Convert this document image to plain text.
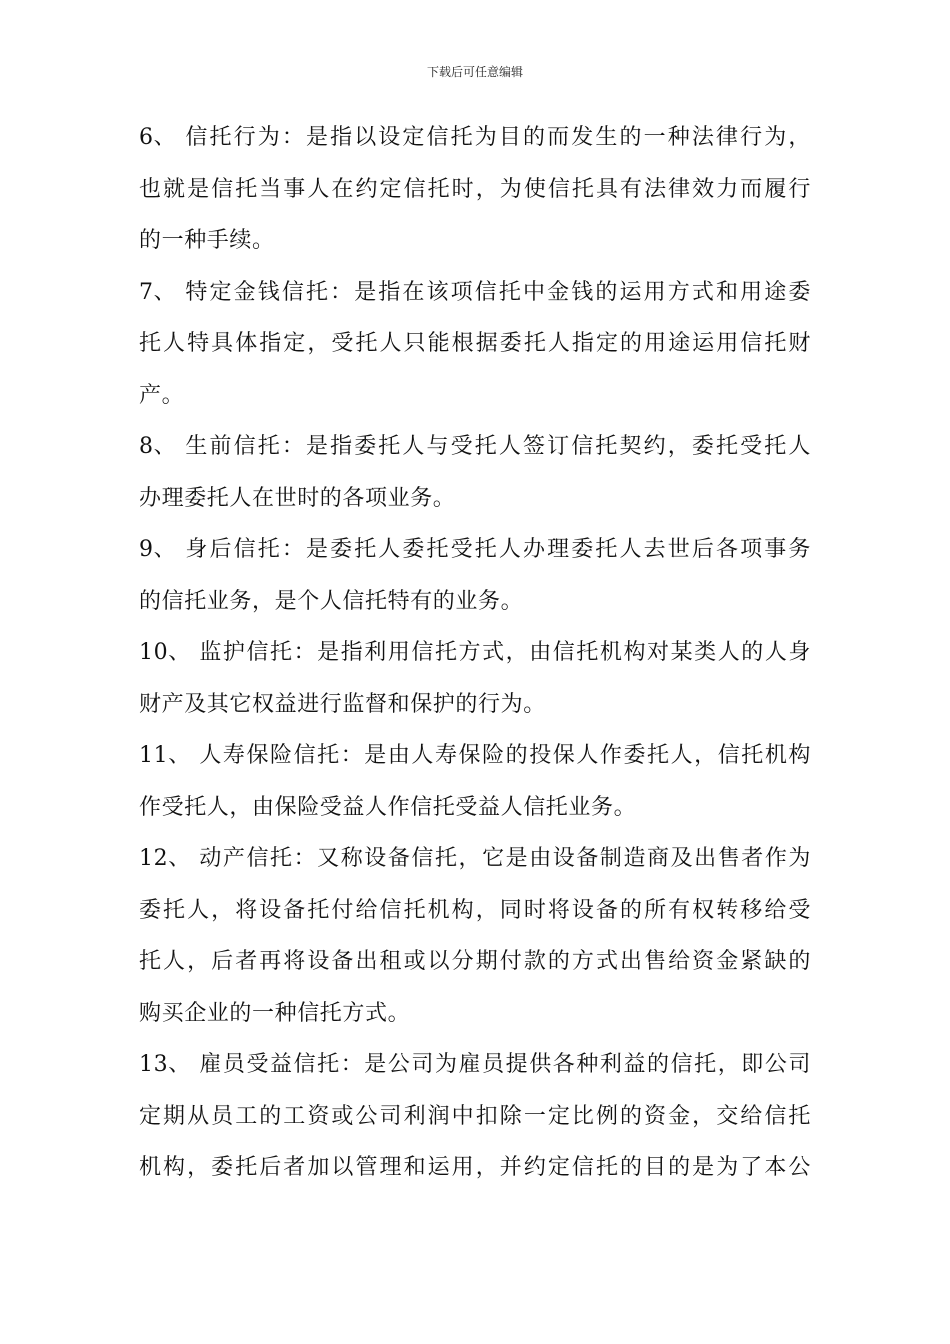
下载后可任意编辑
6、 信托行为：是指以设定信托为目的而发生的一种法律行为，
也就是信托当事人在约定信托时，为使信托具有法律效力而履行
的一种手续。
7、 特定金钱信托：是指在该项信托中金钱的运用方式和用途委
托人特具体指定，受托人只能根据委托人指定的用途运用信托财
产。
8、 生前信托：是指委托人与受托人签订信托契约，委托受托人
办理委托人在世时的各项业务。
9、 身后信托：是委托人委托受托人办理委托人去世后各项事务
的信托业务，是个人信托特有的业务。
10、 监护信托：是指利用信托方式，由信托机构对某类人的人身
财产及其它权益进行监督和保护的行为。
11、 人寿保险信托：是由人寿保险的投保人作委托人，信托机构
作受托人，由保险受益人作信托受益人信托业务。
12、 动产信托：又称设备信托，它是由设备制造商及出售者作为
委托人，将设备托付给信托机构，同时将设备的所有权转移给受
托人，后者再将设备出租或以分期付款的方式出售给资金紧缺的
购买企业的一种信托方式。
13、 雇员受益信托：是公司为雇员提供各种利益的信托，即公司
定期从员工的工资或公司利润中扣除一定比例的资金，交给信托
机构，委托后者加以管理和运用，并约定信托的目的是为了本公
